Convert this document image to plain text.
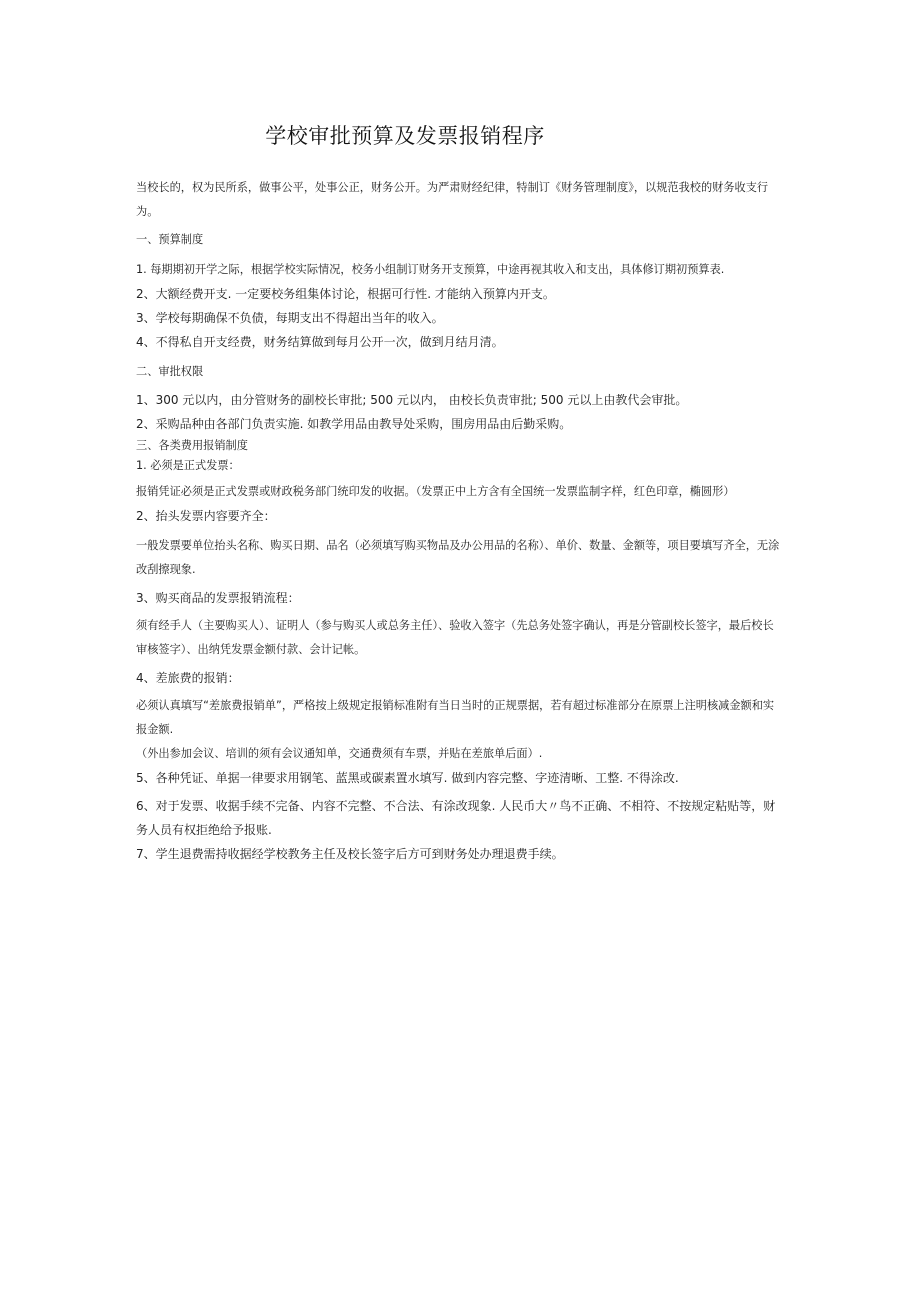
学校审批预算及发票报销程序

当校长的，权为民所系，做事公平，处事公正，财务公开。为严肃财经纪律，特制订《财务管理制度》，以规范我校的财务收支行为。

一、预算制度

1. 每期期初开学之际，根据学校实际情况，校务小组制订财务开支预算，中途再视其收入和支出，具体修订期初预算表.

2、大额经费开支. 一定要校务组集体讨论，根据可行性. 才能纳入预算内开支。

3、学校每期确保不负债，每期支出不得超出当年的收入。

4、不得私自开支经费，财务结算做到每月公开一次，做到月结月清。

二、审批权限

1、300 元以内，由分管财务的副校长审批; 500 元以内， 由校长负责审批; 500 元以上由教代会审批。

2、采购品种由各部门负责实施. 如教学用品由教导处采购，围房用品由后勤采购。

三、各类费用报销制度

1. 必须是正式发票：

报销凭证必须是正式发票或财政税务部门统印发的收据。（发票正中上方含有全国统一发票监制字样，红色印章，椭圆形）

2、抬头发票内容要齐全：

一般发票要单位抬头名称、购买日期、品名（必须填写购买物品及办公用品的名称）、单价、数量、金额等，项目要填写齐全，无涂改刮擦现象.

3、购买商品的发票报销流程：

须有经手人（主要购买人）、证明人（参与购买人或总务主任）、验收入签字（先总务处签字确认，再是分管副校长签字，最后校长审核签字）、出纳凭发票金额付款、会计记帐。

4、差旅费的报销：

必须认真填写“差旅费报销单”，严格按上级规定报销标准附有当日当时的正规票据，若有超过标准部分在原票上注明核减金额和实报金额.

（外出参加会议、培训的须有会议通知单，交通费须有车票，并贴在差旅单后面）.

5、各种凭证、单据一律要求用钢笔、蓝黑或碳素置水填写. 做到内容完整、字迹清晰、工整. 不得涂改.

6、对于发票、收据手续不完备、内容不完整、不合法、有涂改现象. 人民币大〃鸟不正确、不相符、不按规定粘贴等，财务人员有权拒绝给予报账.

7、学生退费需持收据经学校教务主任及校长签字后方可到财务处办理退费手续。
